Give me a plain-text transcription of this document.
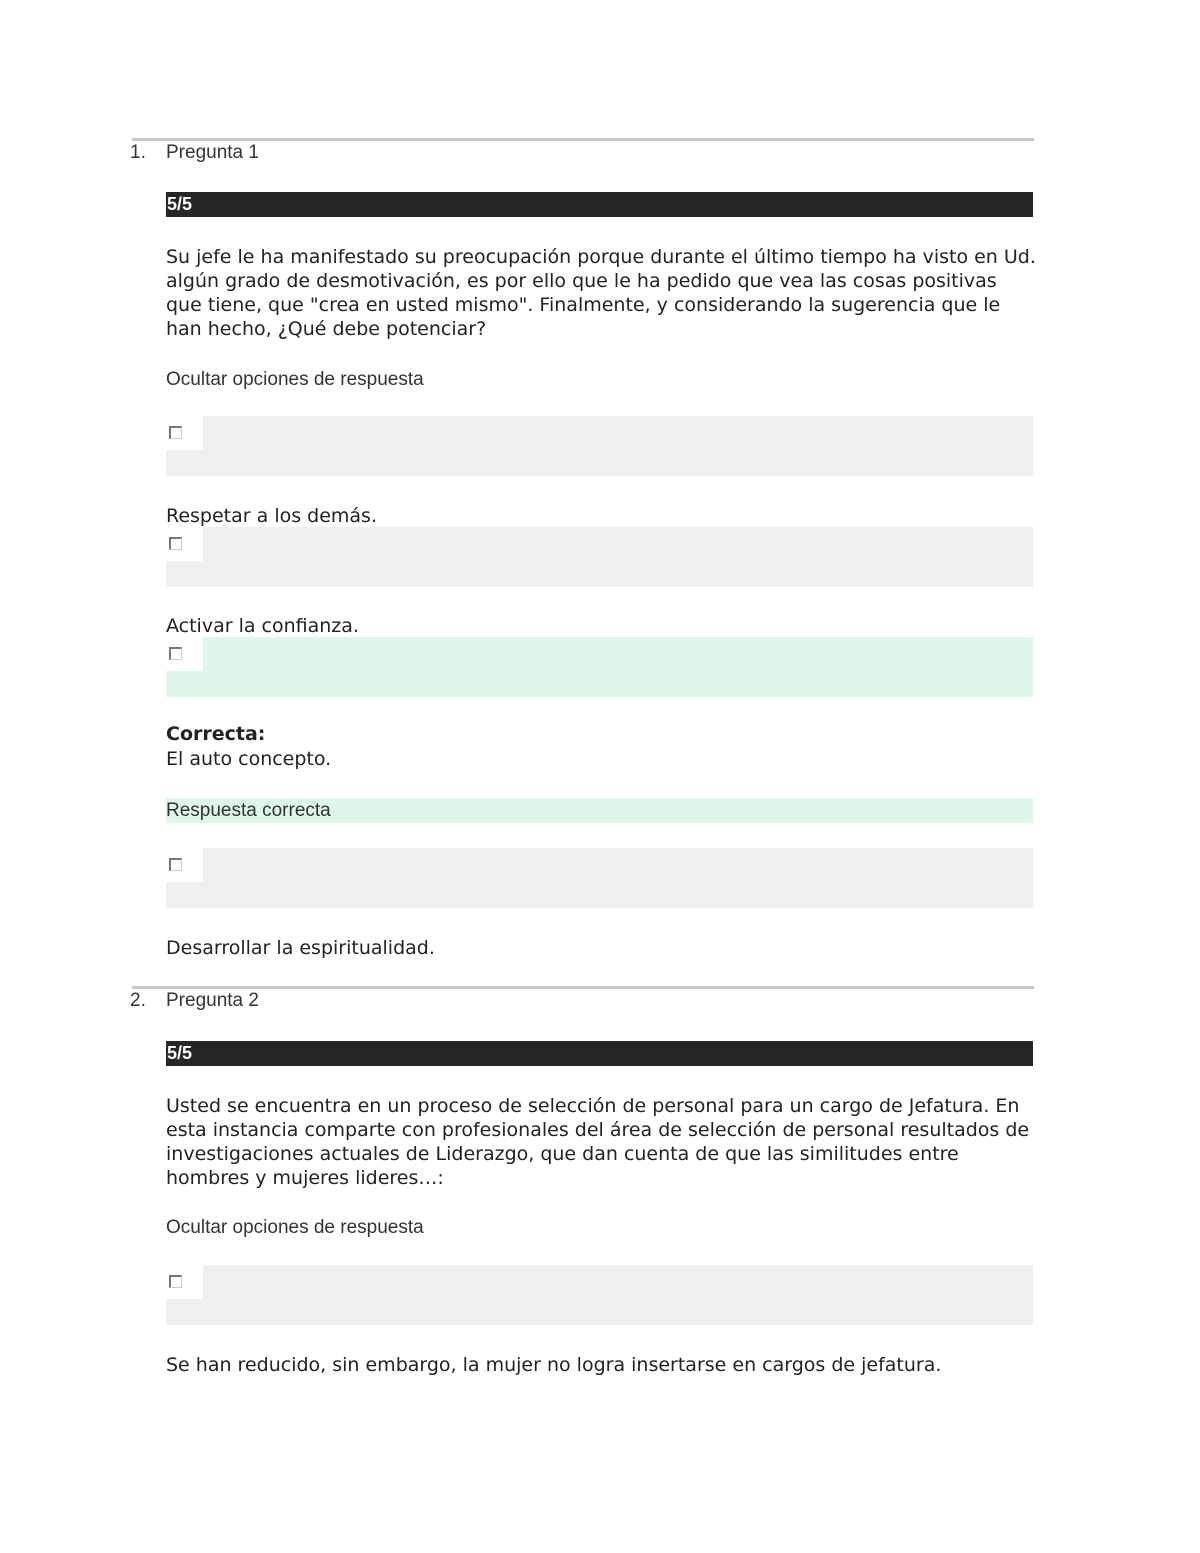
1. Pregunta 1
5/5
Su jefe le ha manifestado su preocupación porque durante el último tiempo ha visto en Ud. algún grado de desmotivación, es por ello que le ha pedido que vea las cosas positivas que tiene, que "crea en usted mismo". Finalmente, y considerando la sugerencia que le han hecho, ¿Qué debe potenciar?
Ocultar opciones de respuesta
Respetar a los demás.
Activar la confianza.
Correcta:
El auto concepto.
Respuesta correcta
Desarrollar la espiritualidad.
2. Pregunta 2
5/5
Usted se encuentra en un proceso de selección de personal para un cargo de Jefatura. En esta instancia comparte con profesionales del área de selección de personal resultados de investigaciones actuales de Liderazgo, que dan cuenta de que las similitudes entre hombres y mujeres lideres…:
Ocultar opciones de respuesta
Se han reducido, sin embargo, la mujer no logra insertarse en cargos de jefatura.
